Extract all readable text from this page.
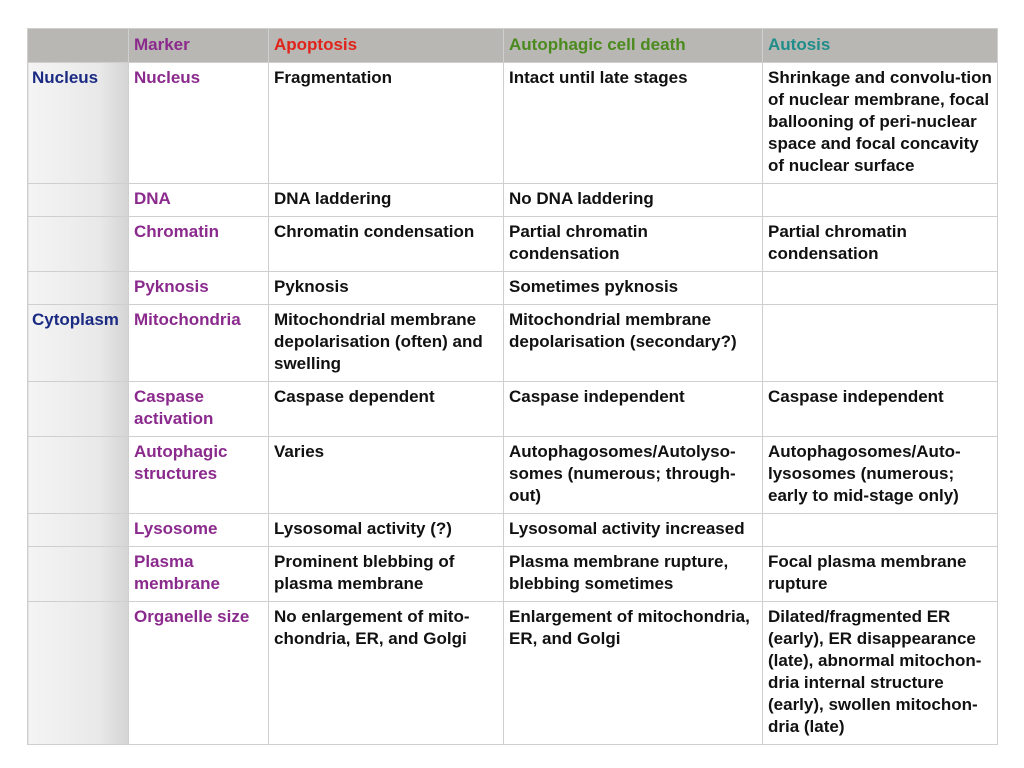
	Marker	Apoptosis	Autophagic cell death	Autosis
Nucleus	Nucleus	Fragmentation	Intact until late stages	Shrinkage and convolu-tion of nuclear membrane, focal ballooning of peri-nuclear space and focal concavity of nuclear surface
	DNA	DNA laddering	No DNA laddering	
	Chromatin	Chromatin condensation	Partial chromatin condensation	Partial chromatin condensation
	Pyknosis	Pyknosis	Sometimes pyknosis	
Cytoplasm	Mitochondria	Mitochondrial membrane depolarisation (often) and swelling	Mitochondrial membrane depolarisation (secondary?)	
	Caspase activation	Caspase dependent	Caspase independent	Caspase independent
	Autophagic structures	Varies	Autophagosomes/Autolyso-somes (numerous; through-out)	Autophagosomes/Auto-lysosomes (numerous; early to mid-stage only)
	Lysosome	Lysosomal activity (?)	Lysosomal activity increased	
	Plasma membrane	Prominent blebbing of plasma membrane	Plasma membrane rupture, blebbing sometimes	Focal plasma membrane rupture
	Organelle size	No enlargement of mito-chondria, ER, and Golgi	Enlargement of mitochondria, ER, and Golgi	Dilated/fragmented ER (early), ER disappearance (late), abnormal mitochon-dria internal structure (early), swollen mitochon-dria (late)
